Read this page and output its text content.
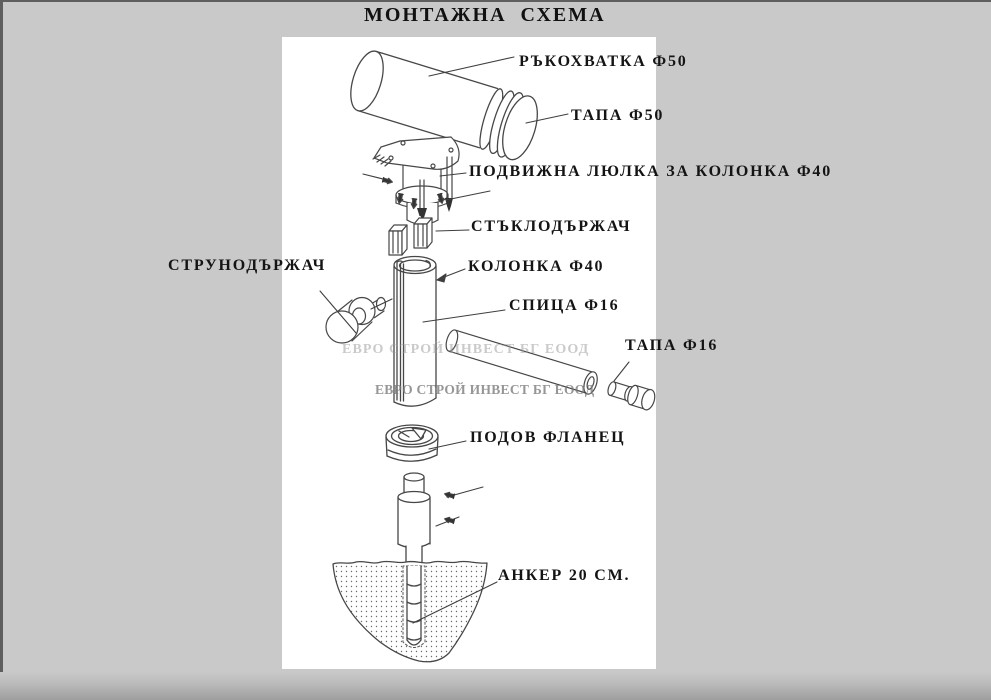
ЕВРО СТРОЙ ИНВЕСТ БГ ЕООД
ЕВРО СТРОЙ ИНВЕСТ БГ ЕООД
МОНТАЖНА  СХЕМА
РЪКОХВАТКА Ф50
ТАПА Ф50
ПОДВИЖНА ЛЮЛКА ЗА КОЛОНКА Ф40
СТЪКЛОДЪРЖАЧ
СТРУНОДЪРЖАЧ	КОЛОНКА Ф40
СПИЦА Ф16
ТАПА Ф16
ПОДОВ ФЛАНЕЦ
АНКЕР 20 СМ.
